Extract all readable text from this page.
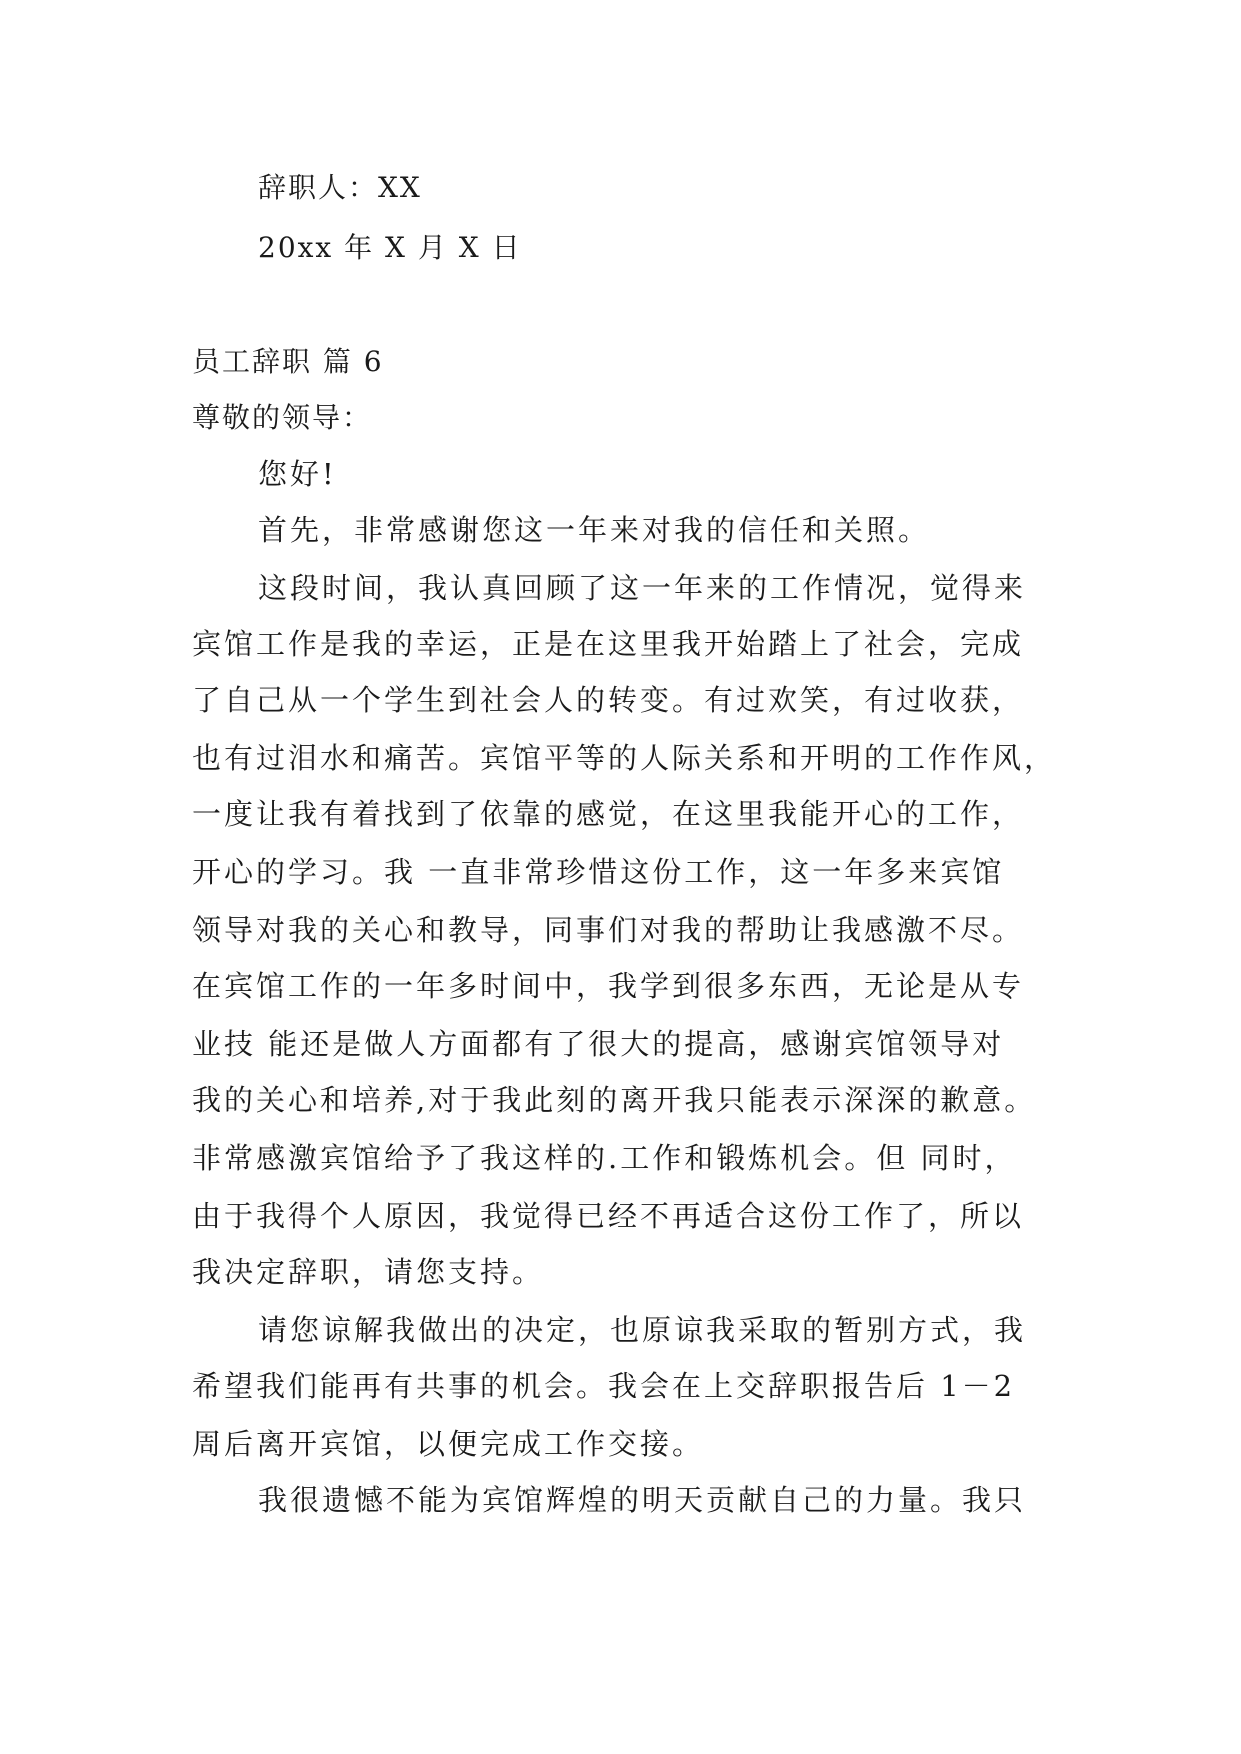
辞职人：XX
20xx 年 X 月 X 日
员工辞职 篇 6
尊敬的领导：
您好!
首先，非常感谢您这一年来对我的信任和关照。
这段时间，我认真回顾了这一年来的工作情况，觉得来
宾馆工作是我的幸运，正是在这里我开始踏上了社会，完成
了自己从一个学生到社会人的转变。有过欢笑，有过收获，
也有过泪水和痛苦。宾馆平等的人际关系和开明的工作作风，
一度让我有着找到了依靠的感觉，在这里我能开心的工作，
开心的学习。我 一直非常珍惜这份工作，这一年多来宾馆
领导对我的关心和教导，同事们对我的帮助让我感激不尽。
在宾馆工作的一年多时间中，我学到很多东西，无论是从专
业技 能还是做人方面都有了很大的提高，感谢宾馆领导对
我的关心和培养,对于我此刻的离开我只能表示深深的歉意。
非常感激宾馆给予了我这样的.工作和锻炼机会。但 同时，
由于我得个人原因，我觉得已经不再适合这份工作了，所以
我决定辞职，请您支持。
请您谅解我做出的决定，也原谅我采取的暂别方式，我
希望我们能再有共事的机会。我会在上交辞职报告后 1－2
周后离开宾馆，以便完成工作交接。
我很遗憾不能为宾馆辉煌的明天贡献自己的力量。我只
